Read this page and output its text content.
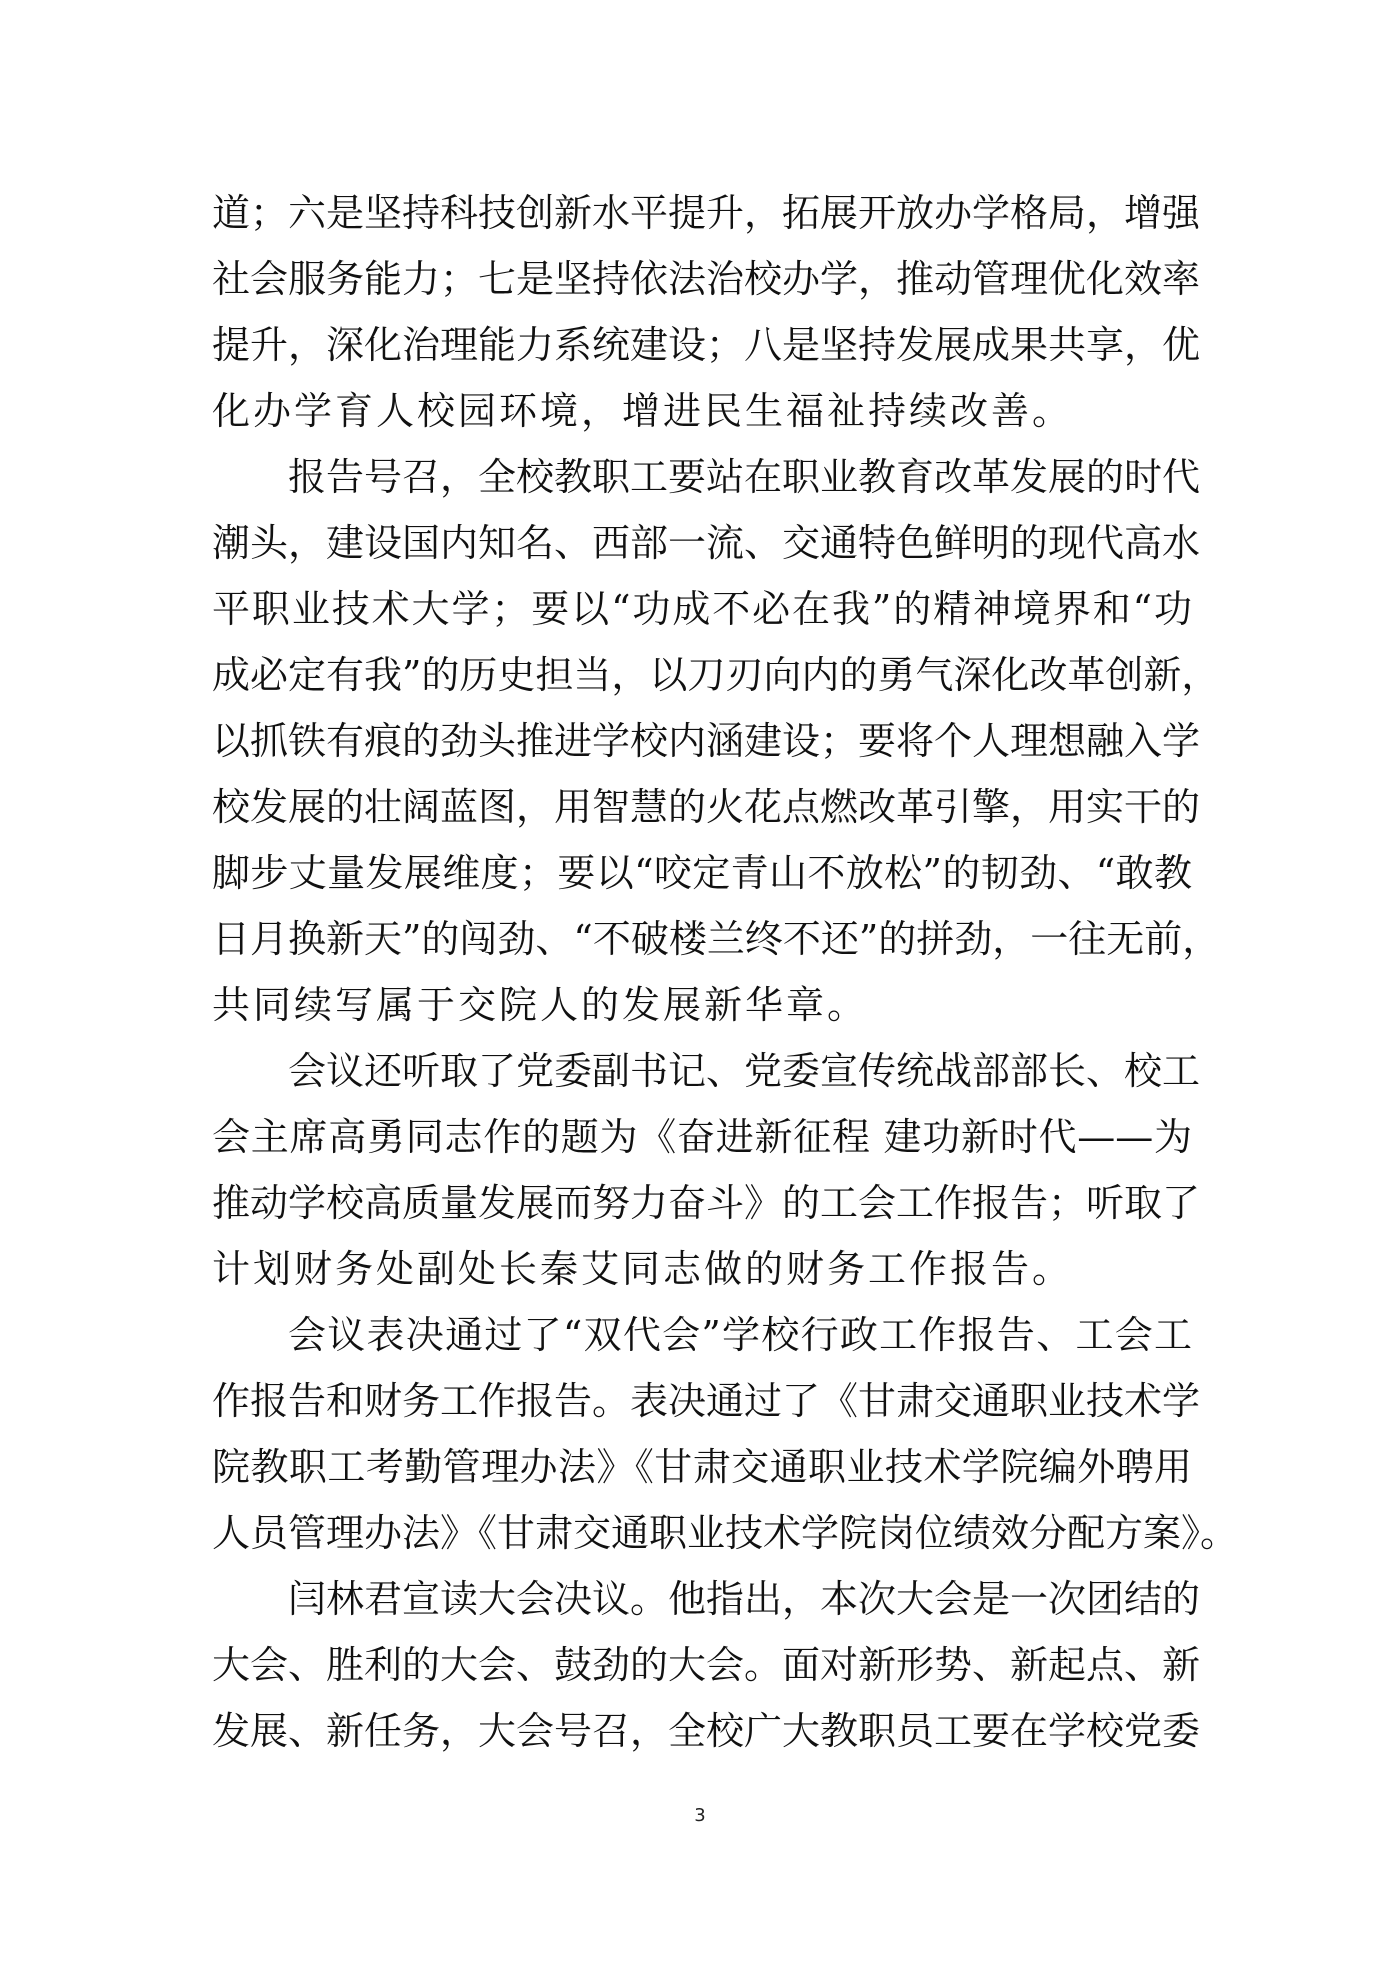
道；六是坚持科技创新水平提升，拓展开放办学格局，增强
社会服务能力；七是坚持依法治校办学，推动管理优化效率
提升，深化治理能力系统建设；八是坚持发展成果共享，优
化办学育人校园环境，增进民生福祉持续改善。
报告号召，全校教职工要站在职业教育改革发展的时代
潮头，建设国内知名、西部一流、交通特色鲜明的现代高水
平职业技术大学；要以“功成不必在我”的精神境界和“功
成必定有我”的历史担当，以刀刃向内的勇气深化改革创新，
以抓铁有痕的劲头推进学校内涵建设；要将个人理想融入学
校发展的壮阔蓝图，用智慧的火花点燃改革引擎，用实干的
脚步丈量发展维度；要以“咬定青山不放松”的韧劲、“敢教
日月换新天”的闯劲、“不破楼兰终不还”的拼劲，一往无前，
共同续写属于交院人的发展新华章。
会议还听取了党委副书记、党委宣传统战部部长、校工
会主席高勇同志作的题为《奋进新征程 建功新时代——为
推动学校高质量发展而努力奋斗》的工会工作报告；听取了
计划财务处副处长秦艾同志做的财务工作报告。
会议表决通过了“双代会”学校行政工作报告、工会工
作报告和财务工作报告。表决通过了《甘肃交通职业技术学
院教职工考勤管理办法》《甘肃交通职业技术学院编外聘用
人员管理办法》《甘肃交通职业技术学院岗位绩效分配方案》。
闫林君宣读大会决议。他指出，本次大会是一次团结的
大会、胜利的大会、鼓劲的大会。面对新形势、新起点、新
发展、新任务，大会号召，全校广大教职员工要在学校党委
3
